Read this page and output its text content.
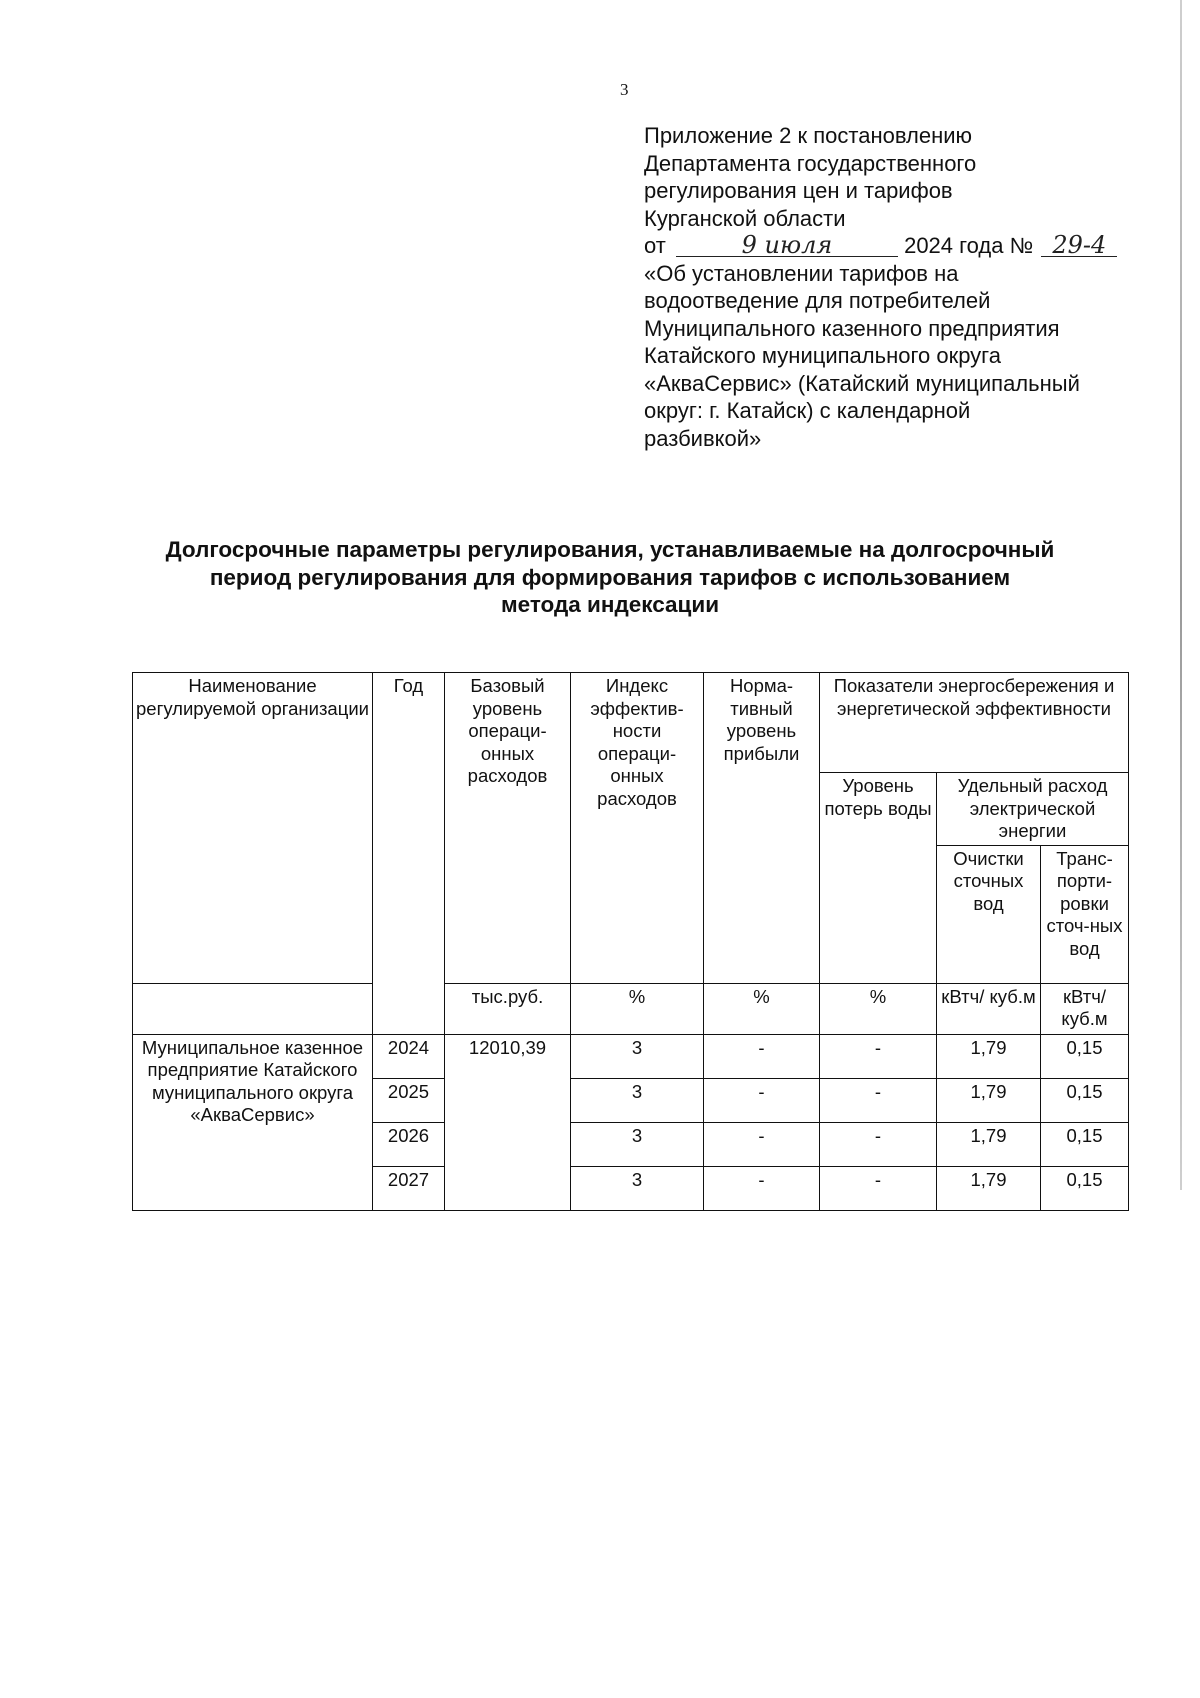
3
Приложение 2 к постановлению
Департамента государственного
регулирования цен и тарифов
Курганской области
от	9 июля	2024 года № 29-4
«Об установлении тарифов на
водоотведение для потребителей
Муниципального казенного предприятия
Катайского муниципального округа
«АкваСервис» (Катайский муниципальный
округ: г. Катайск) с календарной
разбивкой»
Долгосрочные параметры регулирования, устанавливаемые на долгосрочный
период регулирования для формирования тарифов с использованием
метода индексации
Наименование регулируемой организации	Год	Базовый уровень операци-онных расходов	Индекс эффектив-ности операци-онных расходов	Норма-тивный уровень прибыли	Показатели энергосбережения и энергетической эффективности		
					Уровень потерь воды	Удельный расход электрической энергии	
						Очистки сточных вод	Транс-порти-ровки сточ-ных вод
		тыс.руб.	%	%	%	кВтч/ куб.м	кВтч/ куб.м
Муниципальное казенное предприятие Катайского муниципального округа «АкваСервис»	2024	12010,39	3	-	-	1,79	0,15
	2025		3	-	-	1,79	0,15
	2026		3	-	-	1,79	0,15
	2027		3	-	-	1,79	0,15
